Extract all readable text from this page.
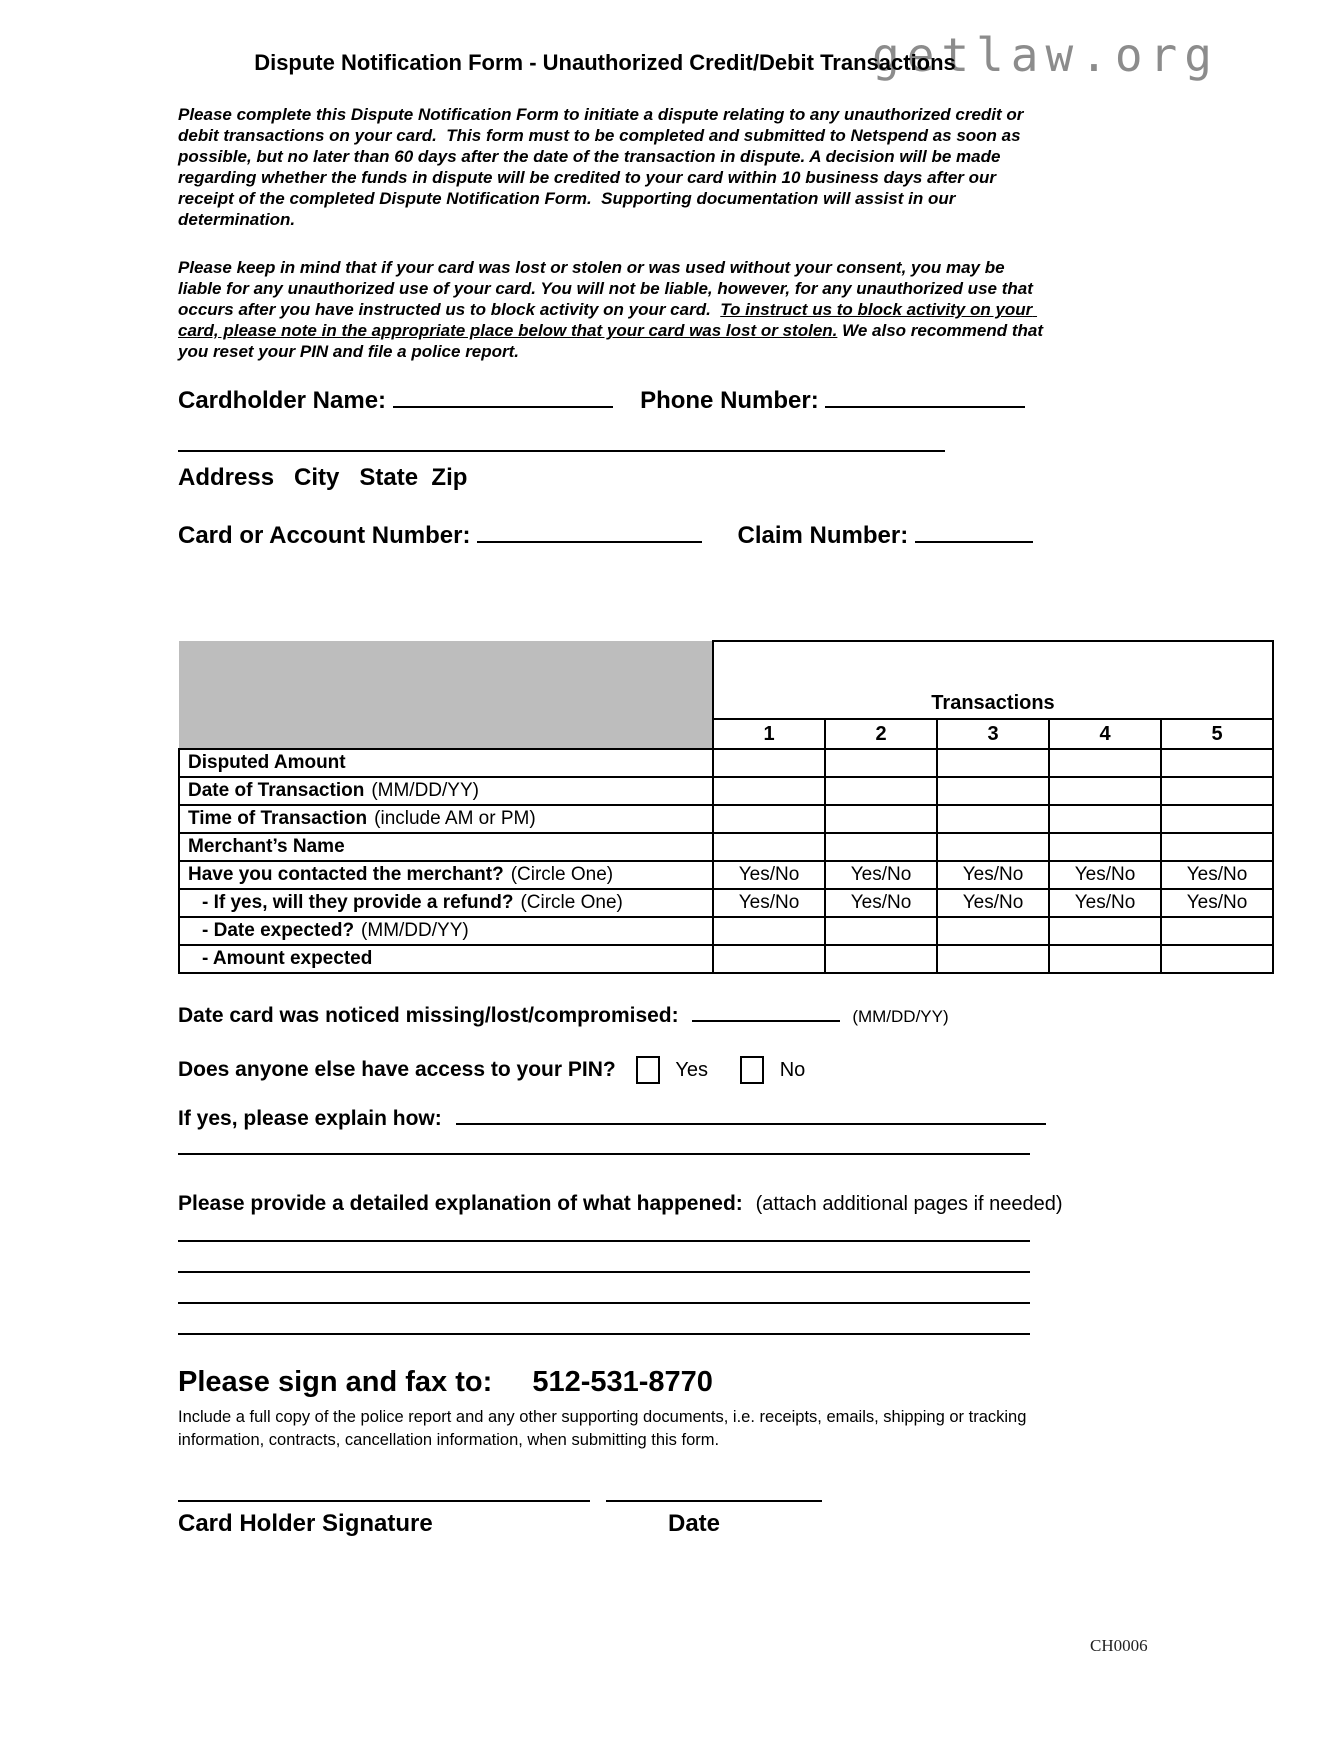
getlaw.org
Dispute Notification Form - Unauthorized Credit/Debit Transactions
Please complete this Dispute Notification Form to initiate a dispute relating to any unauthorized credit or debit transactions on your card.  This form must to be completed and submitted to Netspend as soon as possible, but no later than 60 days after the date of the transaction in dispute. A decision will be made regarding whether the funds in dispute will be credited to your card within 10 business days after our receipt of the completed Dispute Notification Form.  Supporting documentation will assist in our determination.
Please keep in mind that if your card was lost or stolen or was used without your consent, you may be liable for any unauthorized use of your card. You will not be liable, however, for any unauthorized use that occurs after you have instructed us to block activity on your card.  To instruct us to block activity on your card, please note in the appropriate place below that your card was lost or stolen. We also recommend that you reset your PIN and file a police report.
Cardholder Name:	Phone Number:
Address   City   State  Zip
Card or Account Number:	Claim Number:
	Transactions				
	1	2	3	4	5
Disputed Amount					
Date of Transaction (MM/DD/YY)					
Time of Transaction (include AM or PM)					
Merchant’s Name					
Have you contacted the merchant? (Circle One)	Yes/No	Yes/No	Yes/No	Yes/No	Yes/No
- If yes, will they provide a refund? (Circle One)	Yes/No	Yes/No	Yes/No	Yes/No	Yes/No
- Date expected? (MM/DD/YY)					
- Amount expected					
Date card was noticed missing/lost/compromised:	(MM/DD/YY)
Does anyone else have access to your PIN?	Yes	No
If yes, please explain how:
Please provide a detailed explanation of what happened: (attach additional pages if needed)
Please sign and fax to: 512-531-8770
Include a full copy of the police report and any other supporting documents, i.e. receipts, emails, shipping or tracking information, contracts, cancellation information, when submitting this form.
Card Holder Signature	Date
CH0006
